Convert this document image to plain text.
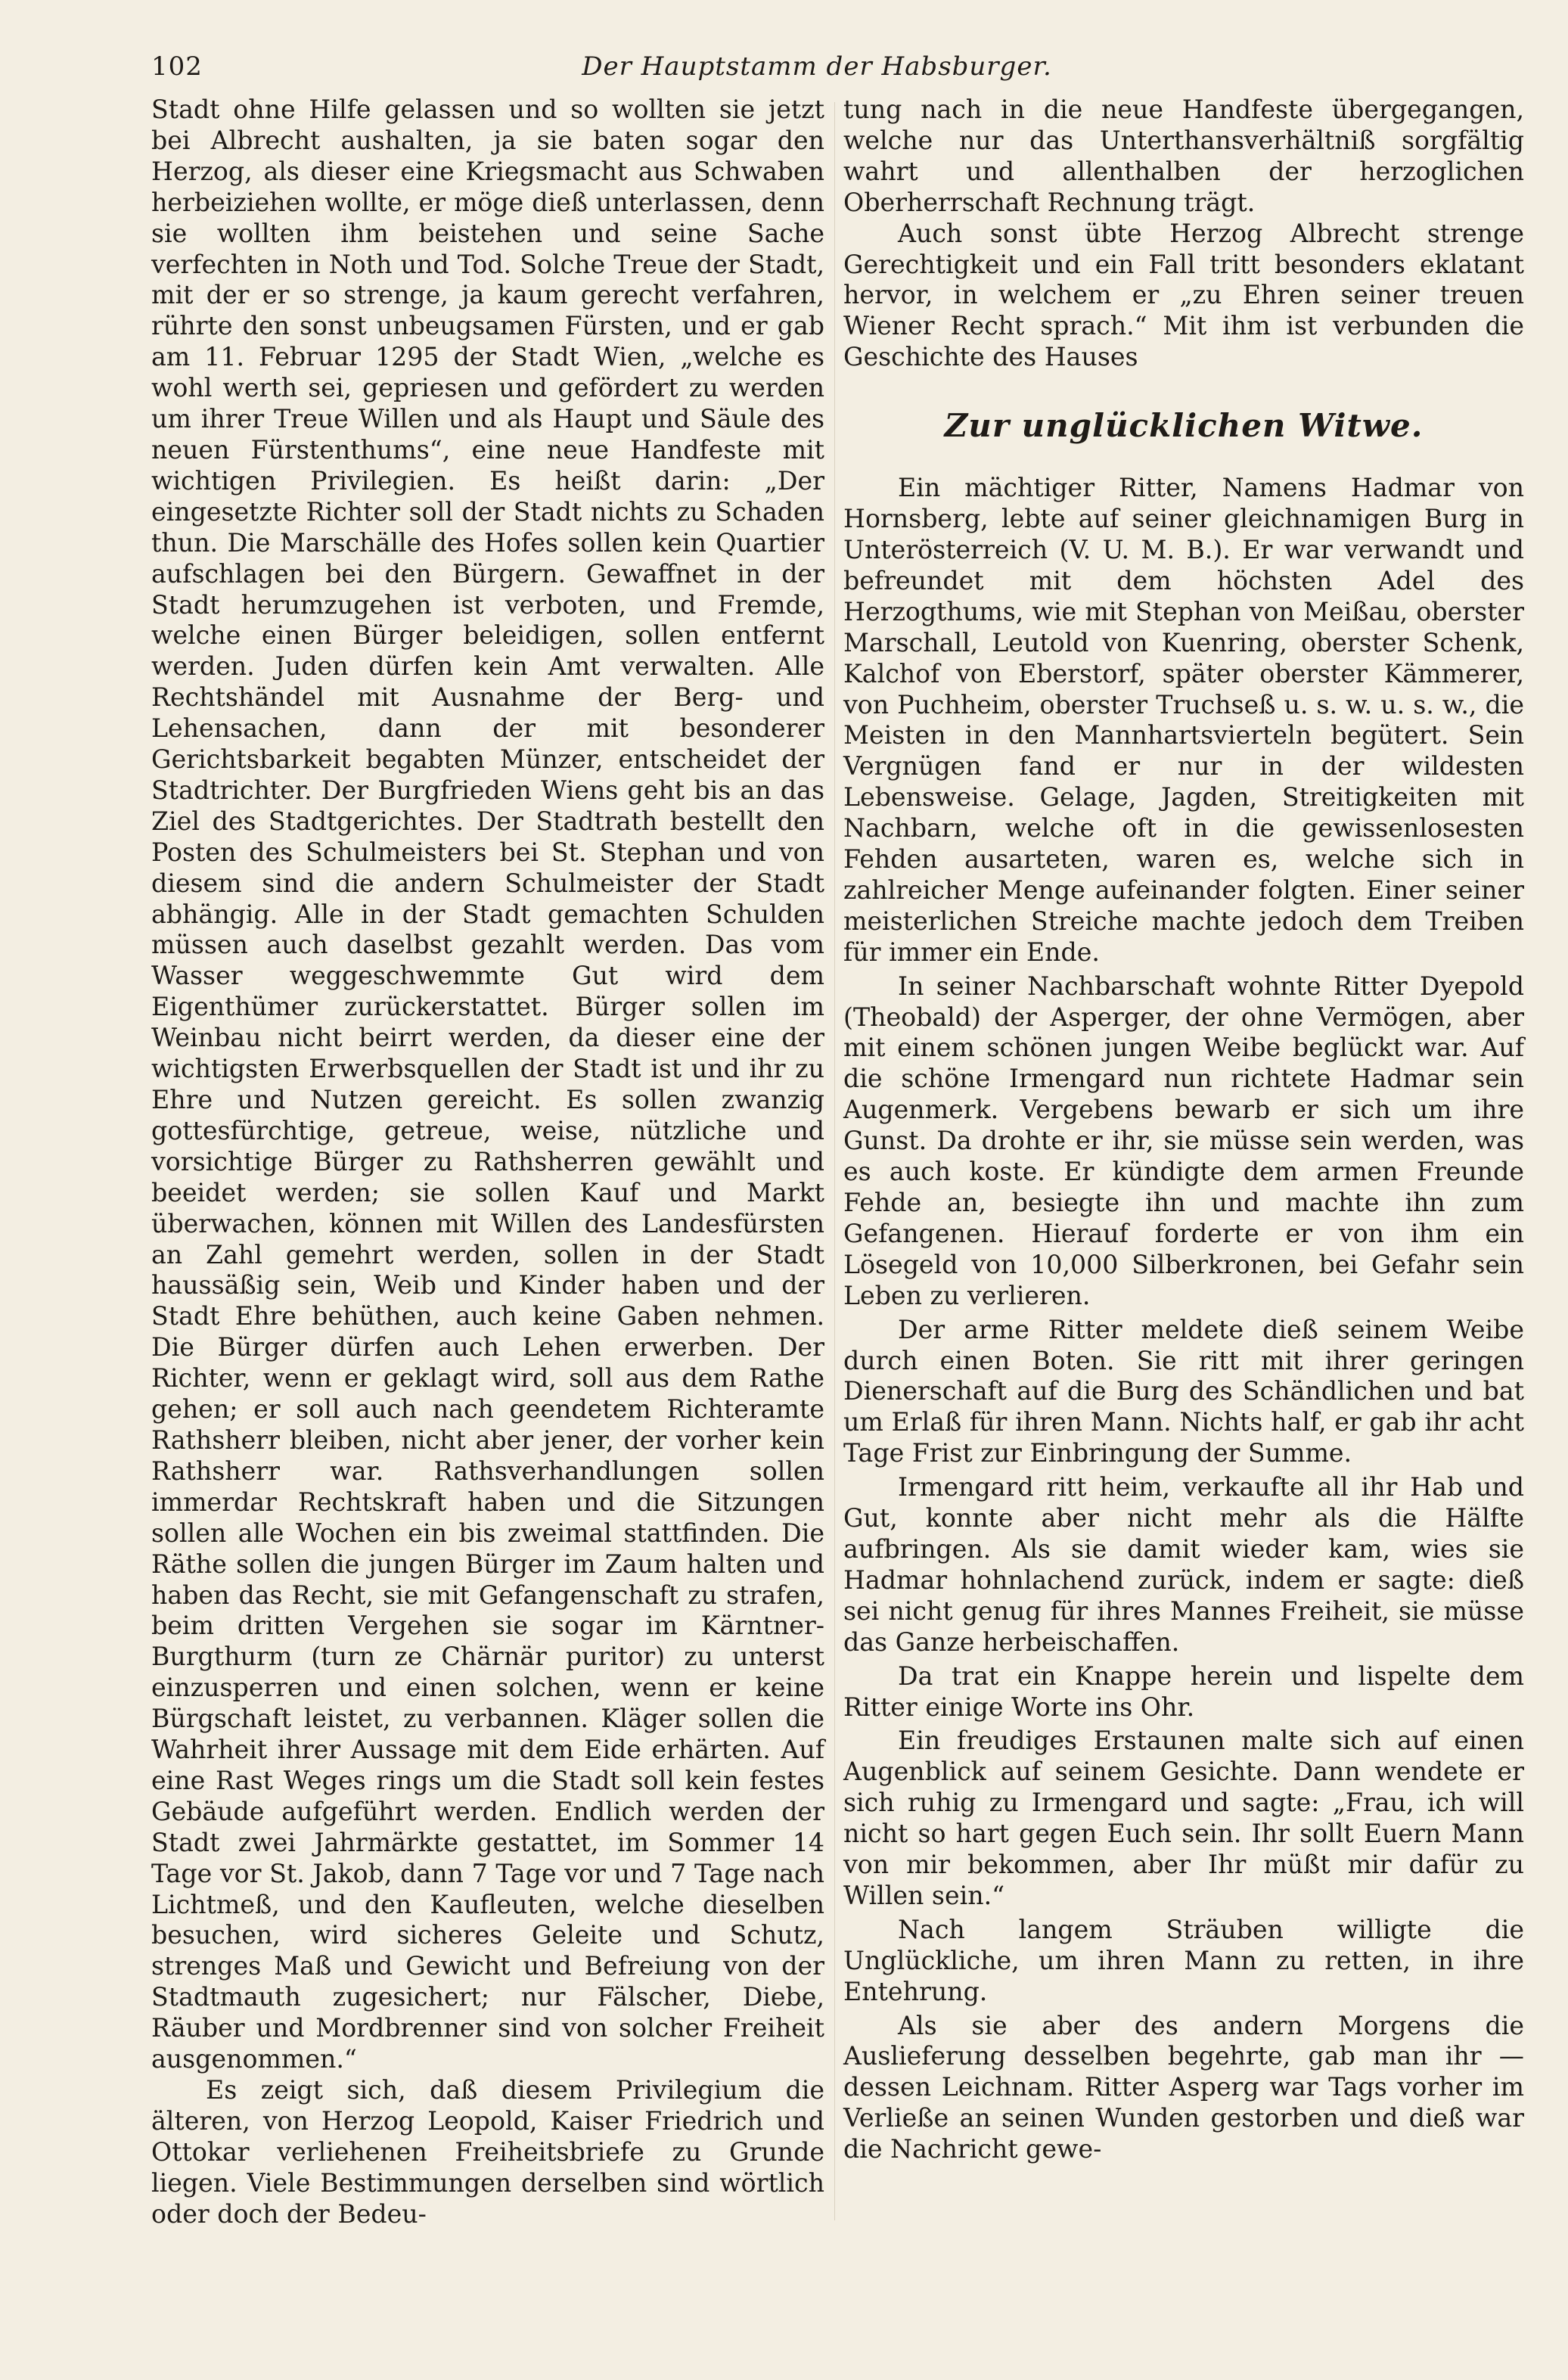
102	Der Hauptstamm der Habsburger.

Stadt ohne Hilfe gelassen und so wollten sie jetzt bei Albrecht aushalten, ja sie baten sogar den Herzog, als dieser eine Kriegsmacht aus Schwaben herbeiziehen wollte, er möge dieß unterlassen, denn sie wollten ihm beistehen und seine Sache verfechten in Noth und Tod. Solche Treue der Stadt, mit der er so strenge, ja kaum gerecht verfahren, rührte den sonst unbeugsamen Fürsten, und er gab am 11. Februar 1295 der Stadt Wien, „welche es wohl werth sei, gepriesen und gefördert zu werden um ihrer Treue Willen und als Haupt und Säule des neuen Fürstenthums“, eine neue Handfeste mit wichtigen Privilegien. Es heißt darin: „Der eingesetzte Richter soll der Stadt nichts zu Schaden thun. Die Marschälle des Hofes sollen kein Quartier aufschlagen bei den Bürgern. Gewaffnet in der Stadt herumzugehen ist verboten, und Fremde, welche einen Bürger beleidigen, sollen entfernt werden. Juden dürfen kein Amt verwalten. Alle Rechtshändel mit Ausnahme der Berg- und Lehensachen, dann der mit besonderer Gerichtsbarkeit begabten Münzer, entscheidet der Stadtrichter. Der Burgfrieden Wiens geht bis an das Ziel des Stadtgerichtes. Der Stadtrath bestellt den Posten des Schulmeisters bei St. Stephan und von diesem sind die andern Schulmeister der Stadt abhängig. Alle in der Stadt gemachten Schulden müssen auch daselbst gezahlt werden. Das vom Wasser weggeschwemmte Gut wird dem Eigenthümer zurückerstattet. Bürger sollen im Weinbau nicht beirrt werden, da dieser eine der wichtigsten Erwerbsquellen der Stadt ist und ihr zu Ehre und Nutzen gereicht. Es sollen zwanzig gottesfürchtige, getreue, weise, nützliche und vorsichtige Bürger zu Rathsherren gewählt und beeidet werden; sie sollen Kauf und Markt überwachen, können mit Willen des Landesfürsten an Zahl gemehrt werden, sollen in der Stadt haussäßig sein, Weib und Kinder haben und der Stadt Ehre behüthen, auch keine Gaben nehmen. Die Bürger dürfen auch Lehen erwerben. Der Richter, wenn er geklagt wird, soll aus dem Rathe gehen; er soll auch nach geendetem Richteramte Rathsherr bleiben, nicht aber jener, der vorher kein Rathsherr war. Rathsverhandlungen sollen immerdar Rechtskraft haben und die Sitzungen sollen alle Wochen ein bis zweimal stattfinden. Die Räthe sollen die jungen Bürger im Zaum halten und haben das Recht, sie mit Gefangenschaft zu strafen, beim dritten Vergehen sie sogar im Kärntner-Burgthurm (turn ze Chärnär puritor) zu unterst einzusperren und einen solchen, wenn er keine Bürgschaft leistet, zu verbannen. Kläger sollen die Wahrheit ihrer Aussage mit dem Eide erhärten. Auf eine Rast Weges rings um die Stadt soll kein festes Gebäude aufgeführt werden. Endlich werden der Stadt zwei Jahrmärkte gestattet, im Sommer 14 Tage vor St. Jakob, dann 7 Tage vor und 7 Tage nach Lichtmeß, und den Kaufleuten, welche dieselben besuchen, wird sicheres Geleite und Schutz, strenges Maß und Gewicht und Befreiung von der Stadtmauth zugesichert; nur Fälscher, Diebe, Räuber und Mordbrenner sind von solcher Freiheit ausgenommen.“

Es zeigt sich, daß diesem Privilegium die älteren, von Herzog Leopold, Kaiser Friedrich und Ottokar verliehenen Freiheitsbriefe zu Grunde liegen. Viele Bestimmungen derselben sind wörtlich oder doch der Bedeu-

tung nach in die neue Handfeste übergegangen, welche nur das Unterthansverhältniß sorgfältig wahrt und allenthalben der herzoglichen Oberherrschaft Rechnung trägt.

Auch sonst übte Herzog Albrecht strenge Gerechtigkeit und ein Fall tritt besonders eklatant hervor, in welchem er „zu Ehren seiner treuen Wiener Recht sprach.“ Mit ihm ist verbunden die Geschichte des Hauses

Zur unglücklichen Witwe.

Ein mächtiger Ritter, Namens Hadmar von Hornsberg, lebte auf seiner gleichnamigen Burg in Unterösterreich (V. U. M. B.). Er war verwandt und befreundet mit dem höchsten Adel des Herzogthums, wie mit Stephan von Meißau, oberster Marschall, Leutold von Kuenring, oberster Schenk, Kalchof von Eberstorf, später oberster Kämmerer, von Puchheim, oberster Truchseß u. s. w. u. s. w., die Meisten in den Mannhartsvierteln begütert. Sein Vergnügen fand er nur in der wildesten Lebensweise. Gelage, Jagden, Streitigkeiten mit Nachbarn, welche oft in die gewissenlosesten Fehden ausarteten, waren es, welche sich in zahlreicher Menge aufeinander folgten. Einer seiner meisterlichen Streiche machte jedoch dem Treiben für immer ein Ende.

In seiner Nachbarschaft wohnte Ritter Dyepold (Theobald) der Asperger, der ohne Vermögen, aber mit einem schönen jungen Weibe beglückt war. Auf die schöne Irmengard nun richtete Hadmar sein Augenmerk. Vergebens bewarb er sich um ihre Gunst. Da drohte er ihr, sie müsse sein werden, was es auch koste. Er kündigte dem armen Freunde Fehde an, besiegte ihn und machte ihn zum Gefangenen. Hierauf forderte er von ihm ein Lösegeld von 10,000 Silberkronen, bei Gefahr sein Leben zu verlieren.

Der arme Ritter meldete dieß seinem Weibe durch einen Boten. Sie ritt mit ihrer geringen Dienerschaft auf die Burg des Schändlichen und bat um Erlaß für ihren Mann. Nichts half, er gab ihr acht Tage Frist zur Einbringung der Summe.

Irmengard ritt heim, verkaufte all ihr Hab und Gut, konnte aber nicht mehr als die Hälfte aufbringen. Als sie damit wieder kam, wies sie Hadmar hohnlachend zurück, indem er sagte: dieß sei nicht genug für ihres Mannes Freiheit, sie müsse das Ganze herbeischaffen.

Da trat ein Knappe herein und lispelte dem Ritter einige Worte ins Ohr.

Ein freudiges Erstaunen malte sich auf einen Augenblick auf seinem Gesichte. Dann wendete er sich ruhig zu Irmengard und sagte: „Frau, ich will nicht so hart gegen Euch sein. Ihr sollt Euern Mann von mir bekommen, aber Ihr müßt mir dafür zu Willen sein.“

Nach langem Sträuben willigte die Unglückliche, um ihren Mann zu retten, in ihre Entehrung.

Als sie aber des andern Morgens die Auslieferung desselben begehrte, gab man ihr — dessen Leichnam. Ritter Asperg war Tags vorher im Verließe an seinen Wunden gestorben und dieß war die Nachricht gewe-
